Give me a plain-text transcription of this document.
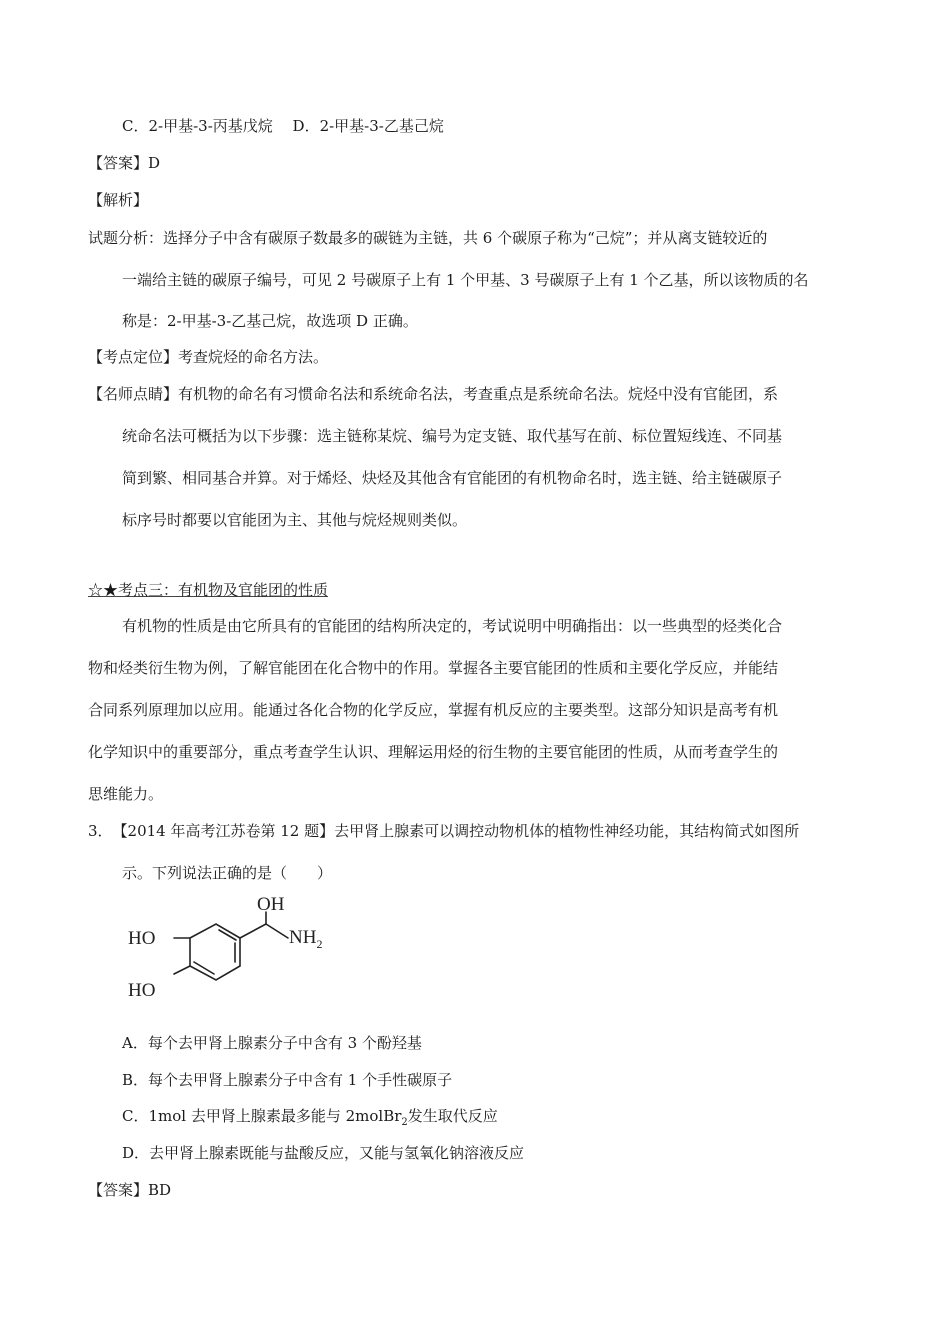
C．2-甲基-3-丙基戊烷　 D．2-甲基-3-乙基己烷
【答案】D
【解析】
试题分析：选择分子中含有碳原子数最多的碳链为主链，共 6 个碳原子称为“己烷”；并从离支链较近的
一端给主链的碳原子编号，可见 2 号碳原子上有 1 个甲基、3 号碳原子上有 1 个乙基，所以该物质的名
称是：2-甲基-3-乙基己烷，故选项 D 正确。
【考点定位】考查烷烃的命名方法。
【名师点睛】有机物的命名有习惯命名法和系统命名法，考查重点是系统命名法。烷烃中没有官能团，系
统命名法可概括为以下步骤：选主链称某烷、编号为定支链、取代基写在前、标位置短线连、不同基
简到繁、相同基合并算。对于烯烃、炔烃及其他含有官能团的有机物命名时，选主链、给主链碳原子
标序号时都要以官能团为主、其他与烷烃规则类似。
☆★考点三：有机物及官能团的性质
有机物的性质是由它所具有的官能团的结构所决定的，考试说明中明确指出：以一些典型的烃类化合
物和烃类衍生物为例，了解官能团在化合物中的作用。掌握各主要官能团的性质和主要化学反应，并能结
合同系列原理加以应用。能通过各化合物的化学反应，掌握有机反应的主要类型。这部分知识是高考有机
化学知识中的重要部分，重点考查学生认识、理解运用烃的衍生物的主要官能团的性质，从而考查学生的
思维能力。
3．　【2014 年高考江苏卷第 12 题】去甲肾上腺素可以调控动物机体的植物性神经功能，其结构简式如图所
示。下列说法正确的是（　　）
OH
$NH_2$
HO
HO
A．每个去甲肾上腺素分子中含有 3 个酚羟基
B．每个去甲肾上腺素分子中含有 1 个手性碳原子
C．1mol 去甲肾上腺素最多能与 2molBr$_2$发生取代反应
D．去甲肾上腺素既能与盐酸反应，又能与氢氧化钠溶液反应
【答案】BD
